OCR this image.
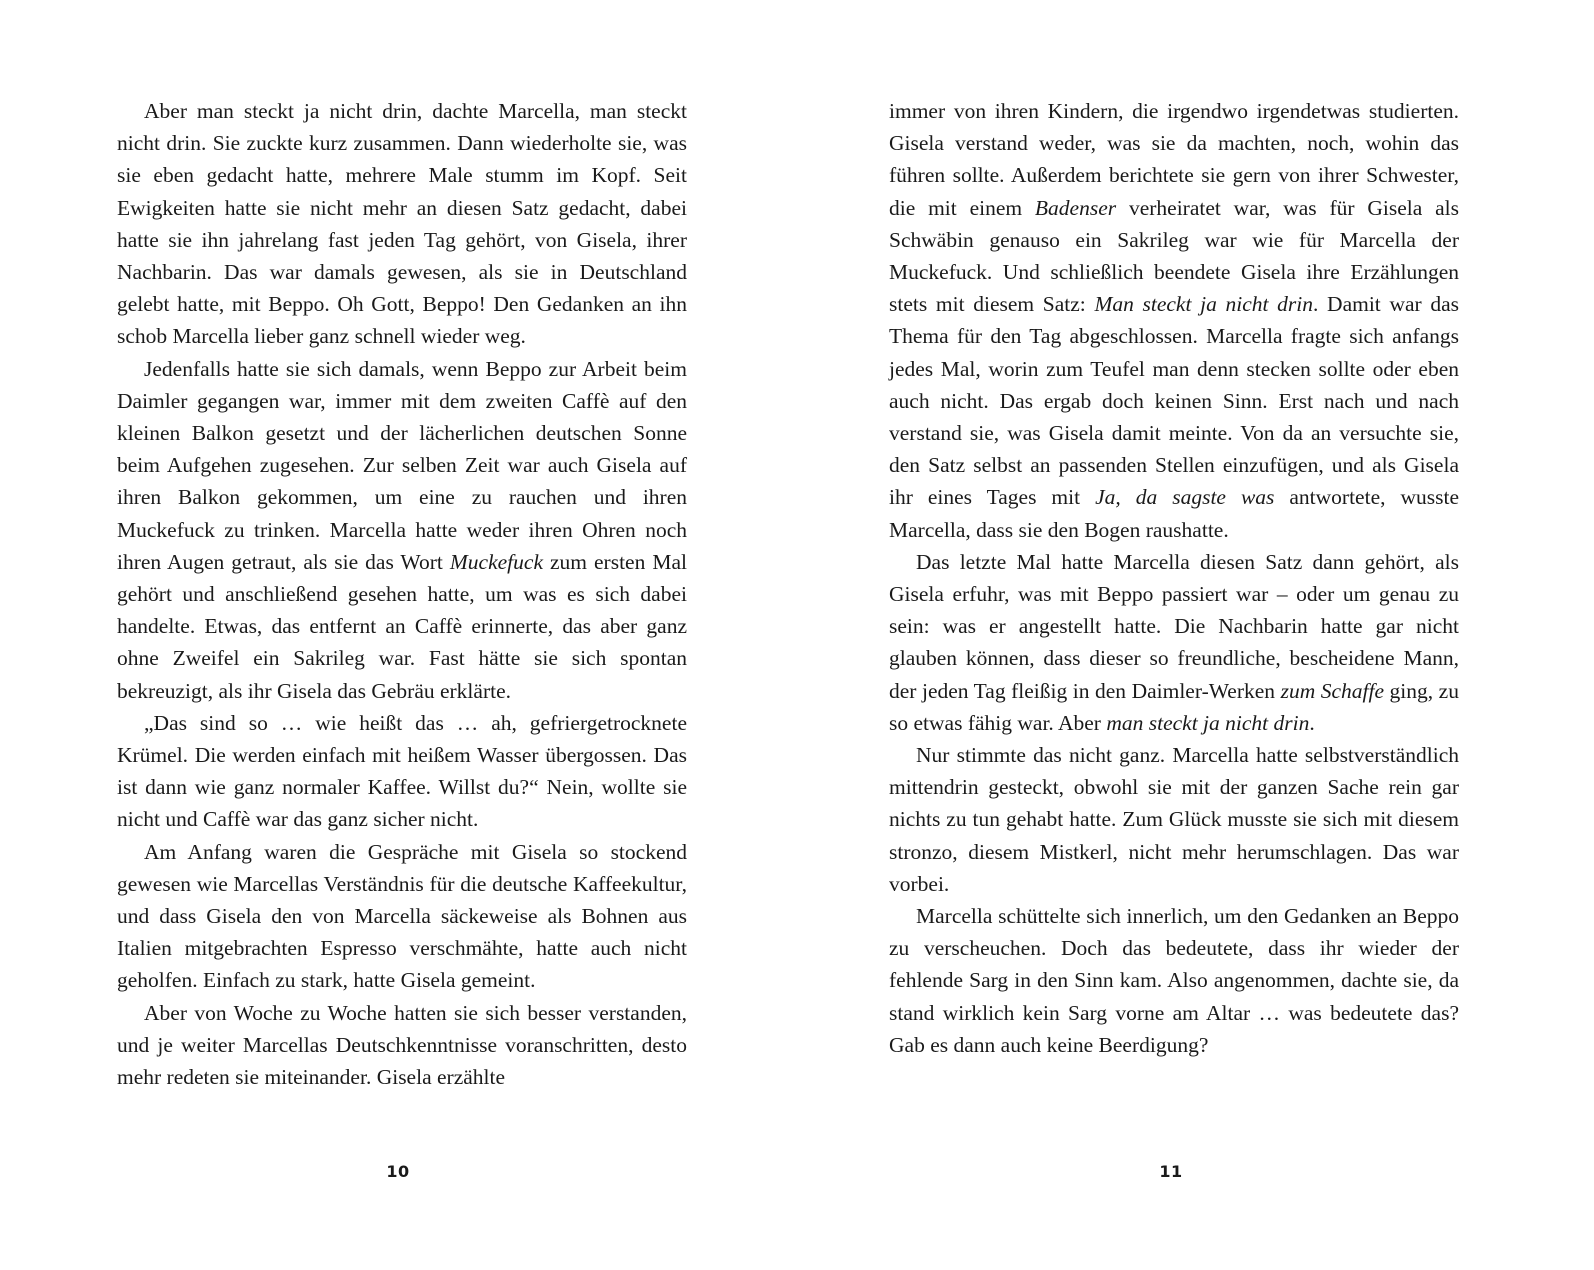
Aber man steckt ja nicht drin, dachte Marcella, man steckt nicht drin. Sie zuckte kurz zusammen. Dann wiederholte sie, was sie eben gedacht hatte, mehrere Male stumm im Kopf. Seit Ewigkeiten hatte sie nicht mehr an diesen Satz gedacht, dabei hatte sie ihn jahrelang fast jeden Tag gehört, von Gisela, ihrer Nachbarin. Das war damals gewesen, als sie in Deutschland gelebt hatte, mit Beppo. Oh Gott, Beppo! Den Gedanken an ihn schob Marcella lieber ganz schnell wieder weg.

Jedenfalls hatte sie sich damals, wenn Beppo zur Arbeit beim Daimler gegangen war, immer mit dem zweiten Caffè auf den kleinen Balkon gesetzt und der lächerlichen deutschen Sonne beim Aufgehen zugesehen. Zur selben Zeit war auch Gisela auf ihren Balkon gekommen, um eine zu rauchen und ihren Muckefuck zu trinken. Marcella hatte weder ihren Ohren noch ihren Augen getraut, als sie das Wort Muckefuck zum ersten Mal gehört und anschließend gesehen hatte, um was es sich dabei handelte. Etwas, das entfernt an Caffè erinnerte, das aber ganz ohne Zweifel ein Sakrileg war. Fast hätte sie sich spontan bekreuzigt, als ihr Gisela das Gebräu erklärte.

„Das sind so … wie heißt das … ah, gefriergetrocknete Krümel. Die werden einfach mit heißem Wasser übergossen. Das ist dann wie ganz normaler Kaffee. Willst du?“ Nein, wollte sie nicht und Caffè war das ganz sicher nicht.

Am Anfang waren die Gespräche mit Gisela so stockend gewesen wie Marcellas Verständnis für die deutsche Kaffeekultur, und dass Gisela den von Marcella säckeweise als Bohnen aus Italien mitgebrachten Espresso verschmähte, hatte auch nicht geholfen. Einfach zu stark, hatte Gisela gemeint.

Aber von Woche zu Woche hatten sie sich besser verstanden, und je weiter Marcellas Deutschkenntnisse voranschritten, desto mehr redeten sie miteinander. Gisela erzählte

10

immer von ihren Kindern, die irgendwo irgendetwas studierten. Gisela verstand weder, was sie da machten, noch, wohin das führen sollte. Außerdem berichtete sie gern von ihrer Schwester, die mit einem Badenser verheiratet war, was für Gisela als Schwäbin genauso ein Sakrileg war wie für Marcella der Muckefuck. Und schließlich beendete Gisela ihre Erzählungen stets mit diesem Satz: Man steckt ja nicht drin. Damit war das Thema für den Tag abgeschlossen. Marcella fragte sich anfangs jedes Mal, worin zum Teufel man denn stecken sollte oder eben auch nicht. Das ergab doch keinen Sinn. Erst nach und nach verstand sie, was Gisela damit meinte. Von da an versuchte sie, den Satz selbst an passenden Stellen einzufügen, und als Gisela ihr eines Tages mit Ja, da sagste was antwortete, wusste Marcella, dass sie den Bogen raushatte.

Das letzte Mal hatte Marcella diesen Satz dann gehört, als Gisela erfuhr, was mit Beppo passiert war – oder um genau zu sein: was er angestellt hatte. Die Nachbarin hatte gar nicht glauben können, dass dieser so freundliche, bescheidene Mann, der jeden Tag fleißig in den Daimler-Werken zum Schaffe ging, zu so etwas fähig war. Aber man steckt ja nicht drin.

Nur stimmte das nicht ganz. Marcella hatte selbstverständlich mittendrin gesteckt, obwohl sie mit der ganzen Sache rein gar nichts zu tun gehabt hatte. Zum Glück musste sie sich mit diesem stronzo, diesem Mistkerl, nicht mehr herumschlagen. Das war vorbei.

Marcella schüttelte sich innerlich, um den Gedanken an Beppo zu verscheuchen. Doch das bedeutete, dass ihr wieder der fehlende Sarg in den Sinn kam. Also angenommen, dachte sie, da stand wirklich kein Sarg vorne am Altar … was bedeutete das? Gab es dann auch keine Beerdigung?

11
